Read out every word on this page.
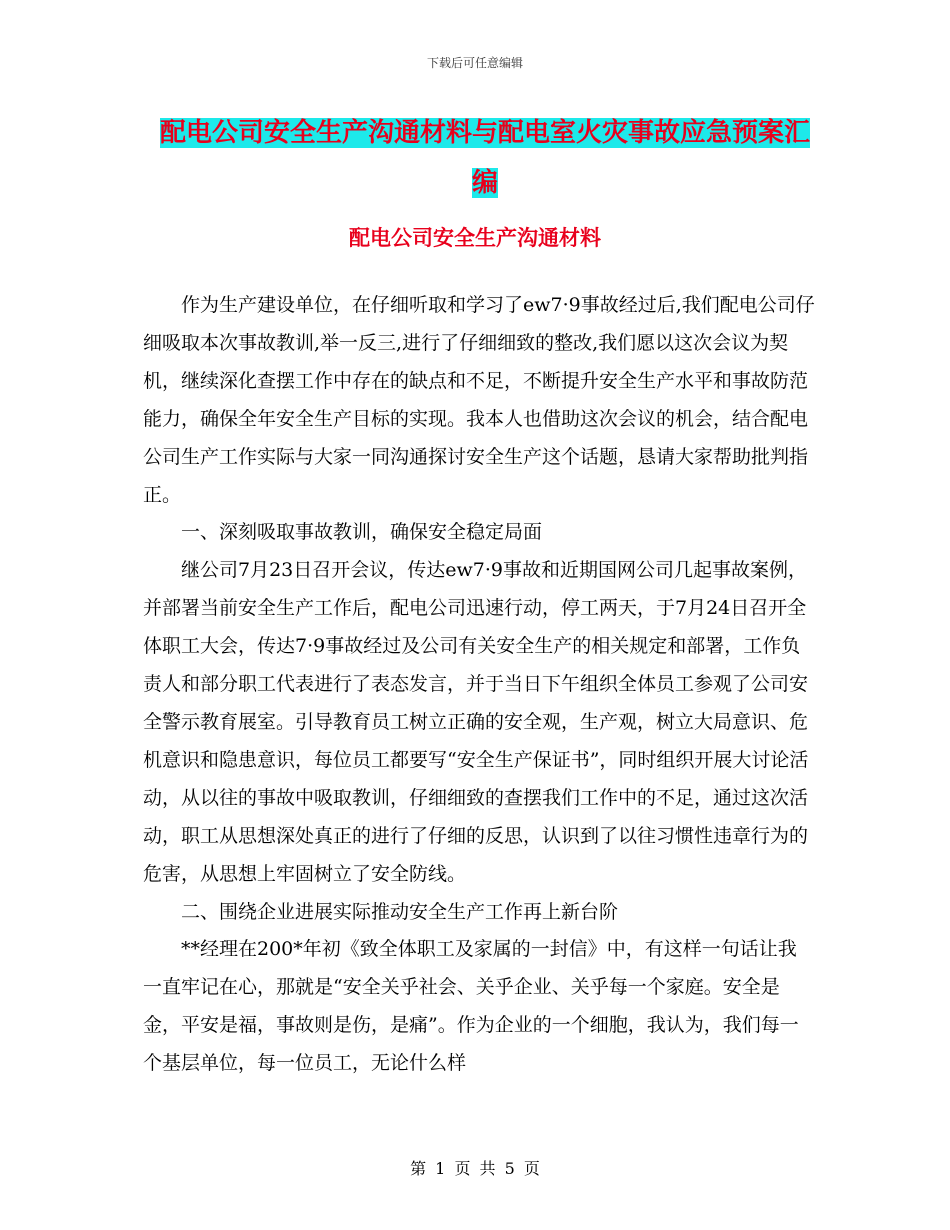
下载后可任意编辑
配电公司安全生产沟通材料与配电室火灾事故应急预案汇编
配电公司安全生产沟通材料

作为生产建设单位，在仔细听取和学习了ew7·9事故经过后,我们配电公司仔细吸取本次事故教训,举一反三,进行了仔细细致的整改,我们愿以这次会议为契机，继续深化查摆工作中存在的缺点和不足，不断提升安全生产水平和事故防范能力，确保全年安全生产目标的实现。我本人也借助这次会议的机会，结合配电公司生产工作实际与大家一同沟通探讨安全生产这个话题，恳请大家帮助批判指正。

一、深刻吸取事故教训，确保安全稳定局面

继公司7月23日召开会议，传达ew7·9事故和近期国网公司几起事故案例，并部署当前安全生产工作后，配电公司迅速行动，停工两天，于7月24日召开全体职工大会，传达7·9事故经过及公司有关安全生产的相关规定和部署，工作负责人和部分职工代表进行了表态发言，并于当日下午组织全体员工参观了公司安全警示教育展室。引导教育员工树立正确的安全观，生产观，树立大局意识、危机意识和隐患意识，每位员工都要写“安全生产保证书”，同时组织开展大讨论活动，从以往的事故中吸取教训，仔细细致的查摆我们工作中的不足，通过这次活动，职工从思想深处真正的进行了仔细的反思，认识到了以往习惯性违章行为的危害，从思想上牢固树立了安全防线。

二、围绕企业进展实际推动安全生产工作再上新台阶

**经理在200*年初《致全体职工及家属的一封信》中，有这样一句话让我一直牢记在心，那就是“安全关乎社会、关乎企业、关乎每一个家庭。安全是金，平安是福，事故则是伤，是痛”。作为企业的一个细胞，我认为，我们每一个基层单位，每一位员工，无论什么样

第 1 页 共 5 页
